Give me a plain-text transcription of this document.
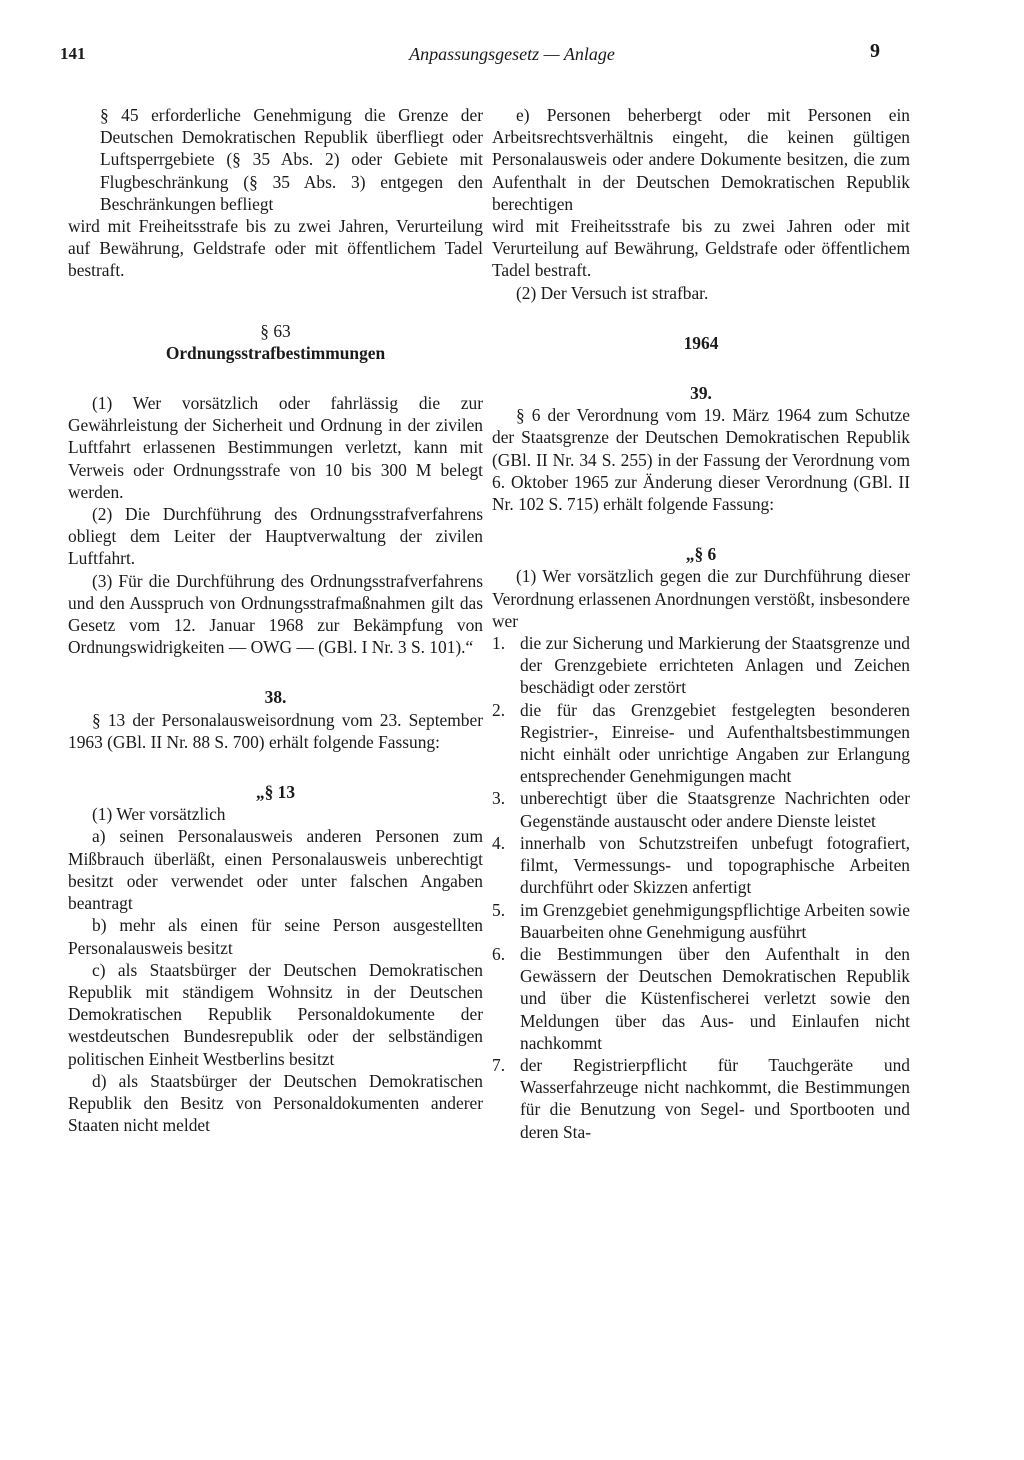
141	Anpassungsgesetz — Anlage	9

§ 45 erforderliche Genehmigung die Grenze der Deutschen Demokratischen Republik überfliegt oder Luftsperrgebiete (§ 35 Abs. 2) oder Gebiete mit Flugbeschränkung (§ 35 Abs. 3) entgegen den Beschränkungen befliegt

wird mit Freiheitsstrafe bis zu zwei Jahren, Verurteilung auf Bewährung, Geldstrafe oder mit öffentlichem Tadel bestraft.

§ 63

Ordnungsstrafbestimmungen

(1) Wer vorsätzlich oder fahrlässig die zur Gewährleistung der Sicherheit und Ordnung in der zivilen Luftfahrt erlassenen Bestimmungen verletzt, kann mit Verweis oder Ordnungsstrafe von 10 bis 300 M belegt werden.

(2) Die Durchführung des Ordnungsstrafverfahrens obliegt dem Leiter der Hauptverwaltung der zivilen Luftfahrt.

(3) Für die Durchführung des Ordnungsstrafverfahrens und den Ausspruch von Ordnungsstrafmaßnahmen gilt das Gesetz vom 12. Januar 1968 zur Bekämpfung von Ordnungswidrigkeiten — OWG — (GBl. I Nr. 3 S. 101).“

38.

§ 13 der Personalausweisordnung vom 23. September 1963 (GBl. II Nr. 88 S. 700) erhält folgende Fassung:

„§ 13

(1) Wer vorsätzlich

a) seinen Personalausweis anderen Personen zum Mißbrauch überläßt, einen Personalausweis unberechtigt besitzt oder verwendet oder unter falschen Angaben beantragt

b) mehr als einen für seine Person ausgestellten Personalausweis besitzt

c) als Staatsbürger der Deutschen Demokratischen Republik mit ständigem Wohnsitz in der Deutschen Demokratischen Republik Personaldokumente der westdeutschen Bundesrepublik oder der selbständigen politischen Einheit Westberlins besitzt

d) als Staatsbürger der Deutschen Demokratischen Republik den Besitz von Personaldokumenten anderer Staaten nicht meldet

e) Personen beherbergt oder mit Personen ein Arbeitsrechtsverhältnis eingeht, die keinen gültigen Personalausweis oder andere Dokumente besitzen, die zum Aufenthalt in der Deutschen Demokratischen Republik berechtigen

wird mit Freiheitsstrafe bis zu zwei Jahren oder mit Verurteilung auf Bewährung, Geldstrafe oder öffentlichem Tadel bestraft.

(2) Der Versuch ist strafbar.

1964

39.

§ 6 der Verordnung vom 19. März 1964 zum Schutze der Staatsgrenze der Deutschen Demokratischen Republik (GBl. II Nr. 34 S. 255) in der Fassung der Verordnung vom 6. Oktober 1965 zur Änderung dieser Verordnung (GBl. II Nr. 102 S. 715) erhält folgende Fassung:

„§ 6

(1) Wer vorsätzlich gegen die zur Durchführung dieser Verordnung erlassenen Anordnungen verstößt, insbesondere wer

1. die zur Sicherung und Markierung der Staatsgrenze und der Grenzgebiete errichteten Anlagen und Zeichen beschädigt oder zerstört
2. die für das Grenzgebiet festgelegten besonderen Registrier-, Einreise- und Aufenthaltsbestimmungen nicht einhält oder unrichtige Angaben zur Erlangung entsprechender Genehmigungen macht
3. unberechtigt über die Staatsgrenze Nachrichten oder Gegenstände austauscht oder andere Dienste leistet
4. innerhalb von Schutzstreifen unbefugt fotografiert, filmt, Vermessungs- und topographische Arbeiten durchführt oder Skizzen anfertigt
5. im Grenzgebiet genehmigungspflichtige Arbeiten sowie Bauarbeiten ohne Genehmigung ausführt
6. die Bestimmungen über den Aufenthalt in den Gewässern der Deutschen Demokratischen Republik und über die Küstenfischerei verletzt sowie den Meldungen über das Aus- und Einlaufen nicht nachkommt
7. der Registrierpflicht für Tauchgeräte und Wasserfahrzeuge nicht nachkommt, die Bestimmungen für die Benutzung von Segel- und Sportbooten und deren Sta-
